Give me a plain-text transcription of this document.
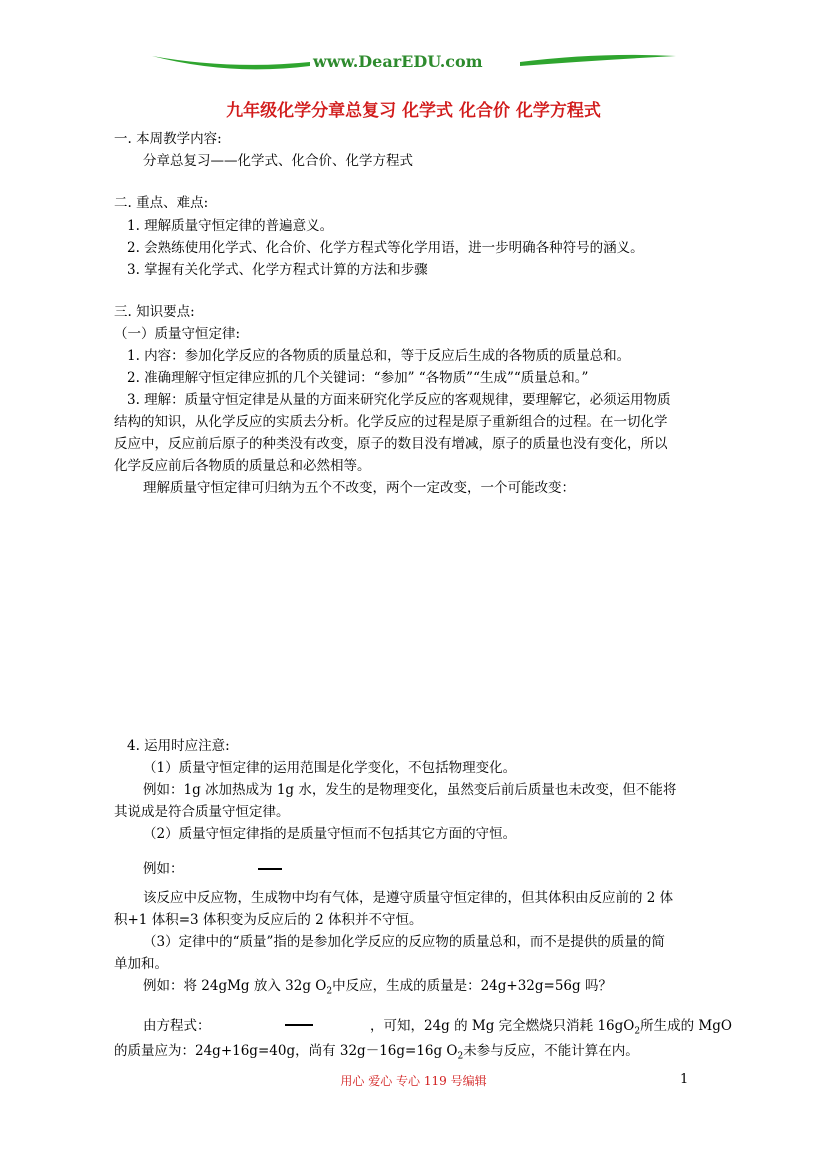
www.DearEDU.com
九年级化学分章总复习 化学式 化合价 化学方程式
一. 本周教学内容:
分章总复习——化学式、化合价、化学方程式
二. 重点、难点:
1. 理解质量守恒定律的普遍意义。
2. 会熟练使用化学式、化合价、化学方程式等化学用语，进一步明确各种符号的涵义。
3. 掌握有关化学式、化学方程式计算的方法和步骤
三. 知识要点:
（一）质量守恒定律:
1. 内容：参加化学反应的各物质的质量总和，等于反应后生成的各物质的质量总和。
2. 准确理解守恒定律应抓的几个关键词：“参加” “各物质”“生成”“质量总和。”
3. 理解：质量守恒定律是从量的方面来研究化学反应的客观规律，要理解它，必须运用物质
结构的知识，从化学反应的实质去分析。化学反应的过程是原子重新组合的过程。在一切化学
反应中，反应前后原子的种类没有改变，原子的数目没有增减，原子的质量也没有变化，所以
化学反应前后各物质的质量总和必然相等。
理解质量守恒定律可归纳为五个不改变，两个一定改变，一个可能改变：
4. 运用时应注意:
（1）质量守恒定律的运用范围是化学变化，不包括物理变化。
例如：1g 冰加热成为 1g 水，发生的是物理变化，虽然变后前后质量也未改变，但不能将
其说成是符合质量守恒定律。
（2）质量守恒定律指的是质量守恒而不包括其它方面的守恒。
例如：
该反应中反应物，生成物中均有气体，是遵守质量守恒定律的，但其体积由反应前的 2 体
积+1 体积=3 体积变为反应后的 2 体积并不守恒。
（3）定律中的“质量”指的是参加化学反应的反应物的质量总和，而不是提供的质量的简
单加和。
例如：将 24gMg 放入 32g $O_2$中反应，生成的质量是：24g+32g=56g 吗？
由方程式：	，可知，24g 的 Mg 完全燃烧只消耗 $16gO_2$所生成的 MgO
的质量应为：24g+16g=40g，尚有 32g－16g=16g $O_2$未参与反应，不能计算在内。
用心 爱心 专心 119 号编辑	1
